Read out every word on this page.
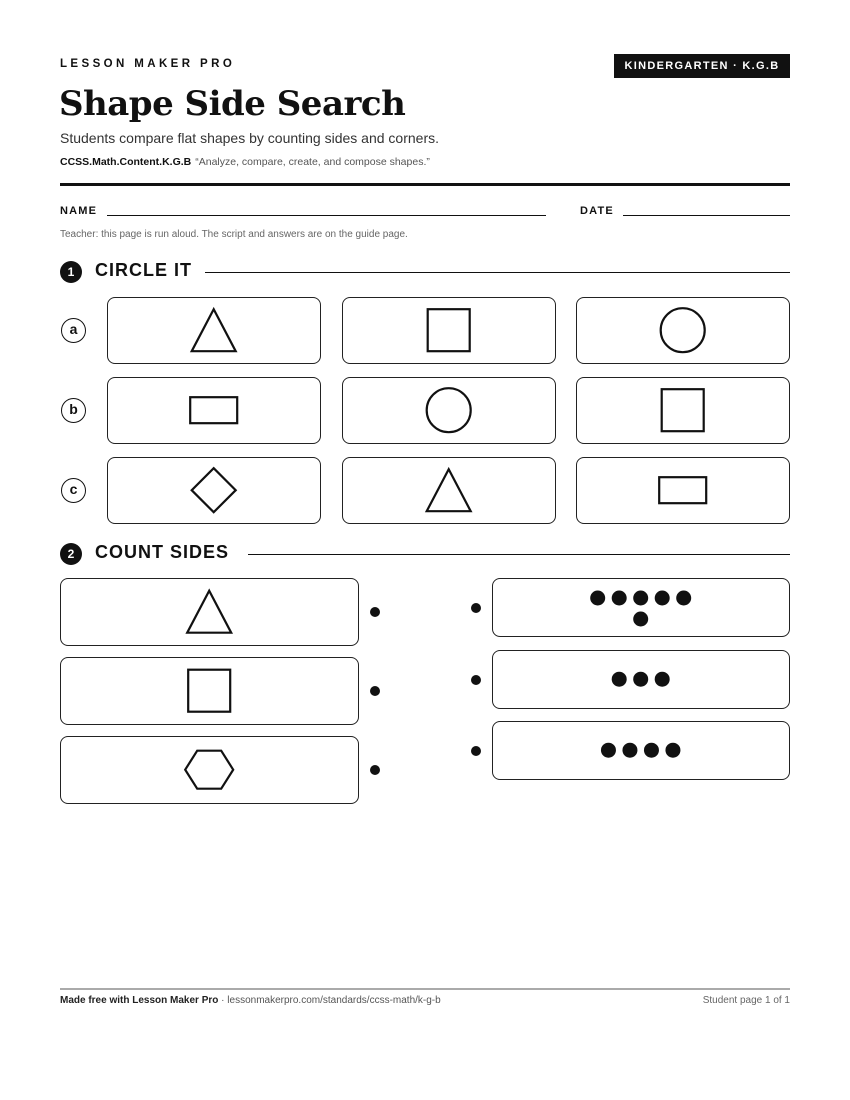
LESSON MAKER PRO	KINDERGARTEN · K.G.B
Shape Side Search
Students compare flat shapes by counting sides and corners.
CCSS.Math.Content.K.G.B “Analyze, compare, create, and compose shapes.”
NAME	DATE
Teacher: this page is run aloud. The script and answers are on the guide page.
1	CIRCLE IT
a
b
c
2	COUNT SIDES
Made free with Lesson Maker Pro · lessonmakerpro.com/standards/ccss-math/k-g-b	Student page 1 of 1
